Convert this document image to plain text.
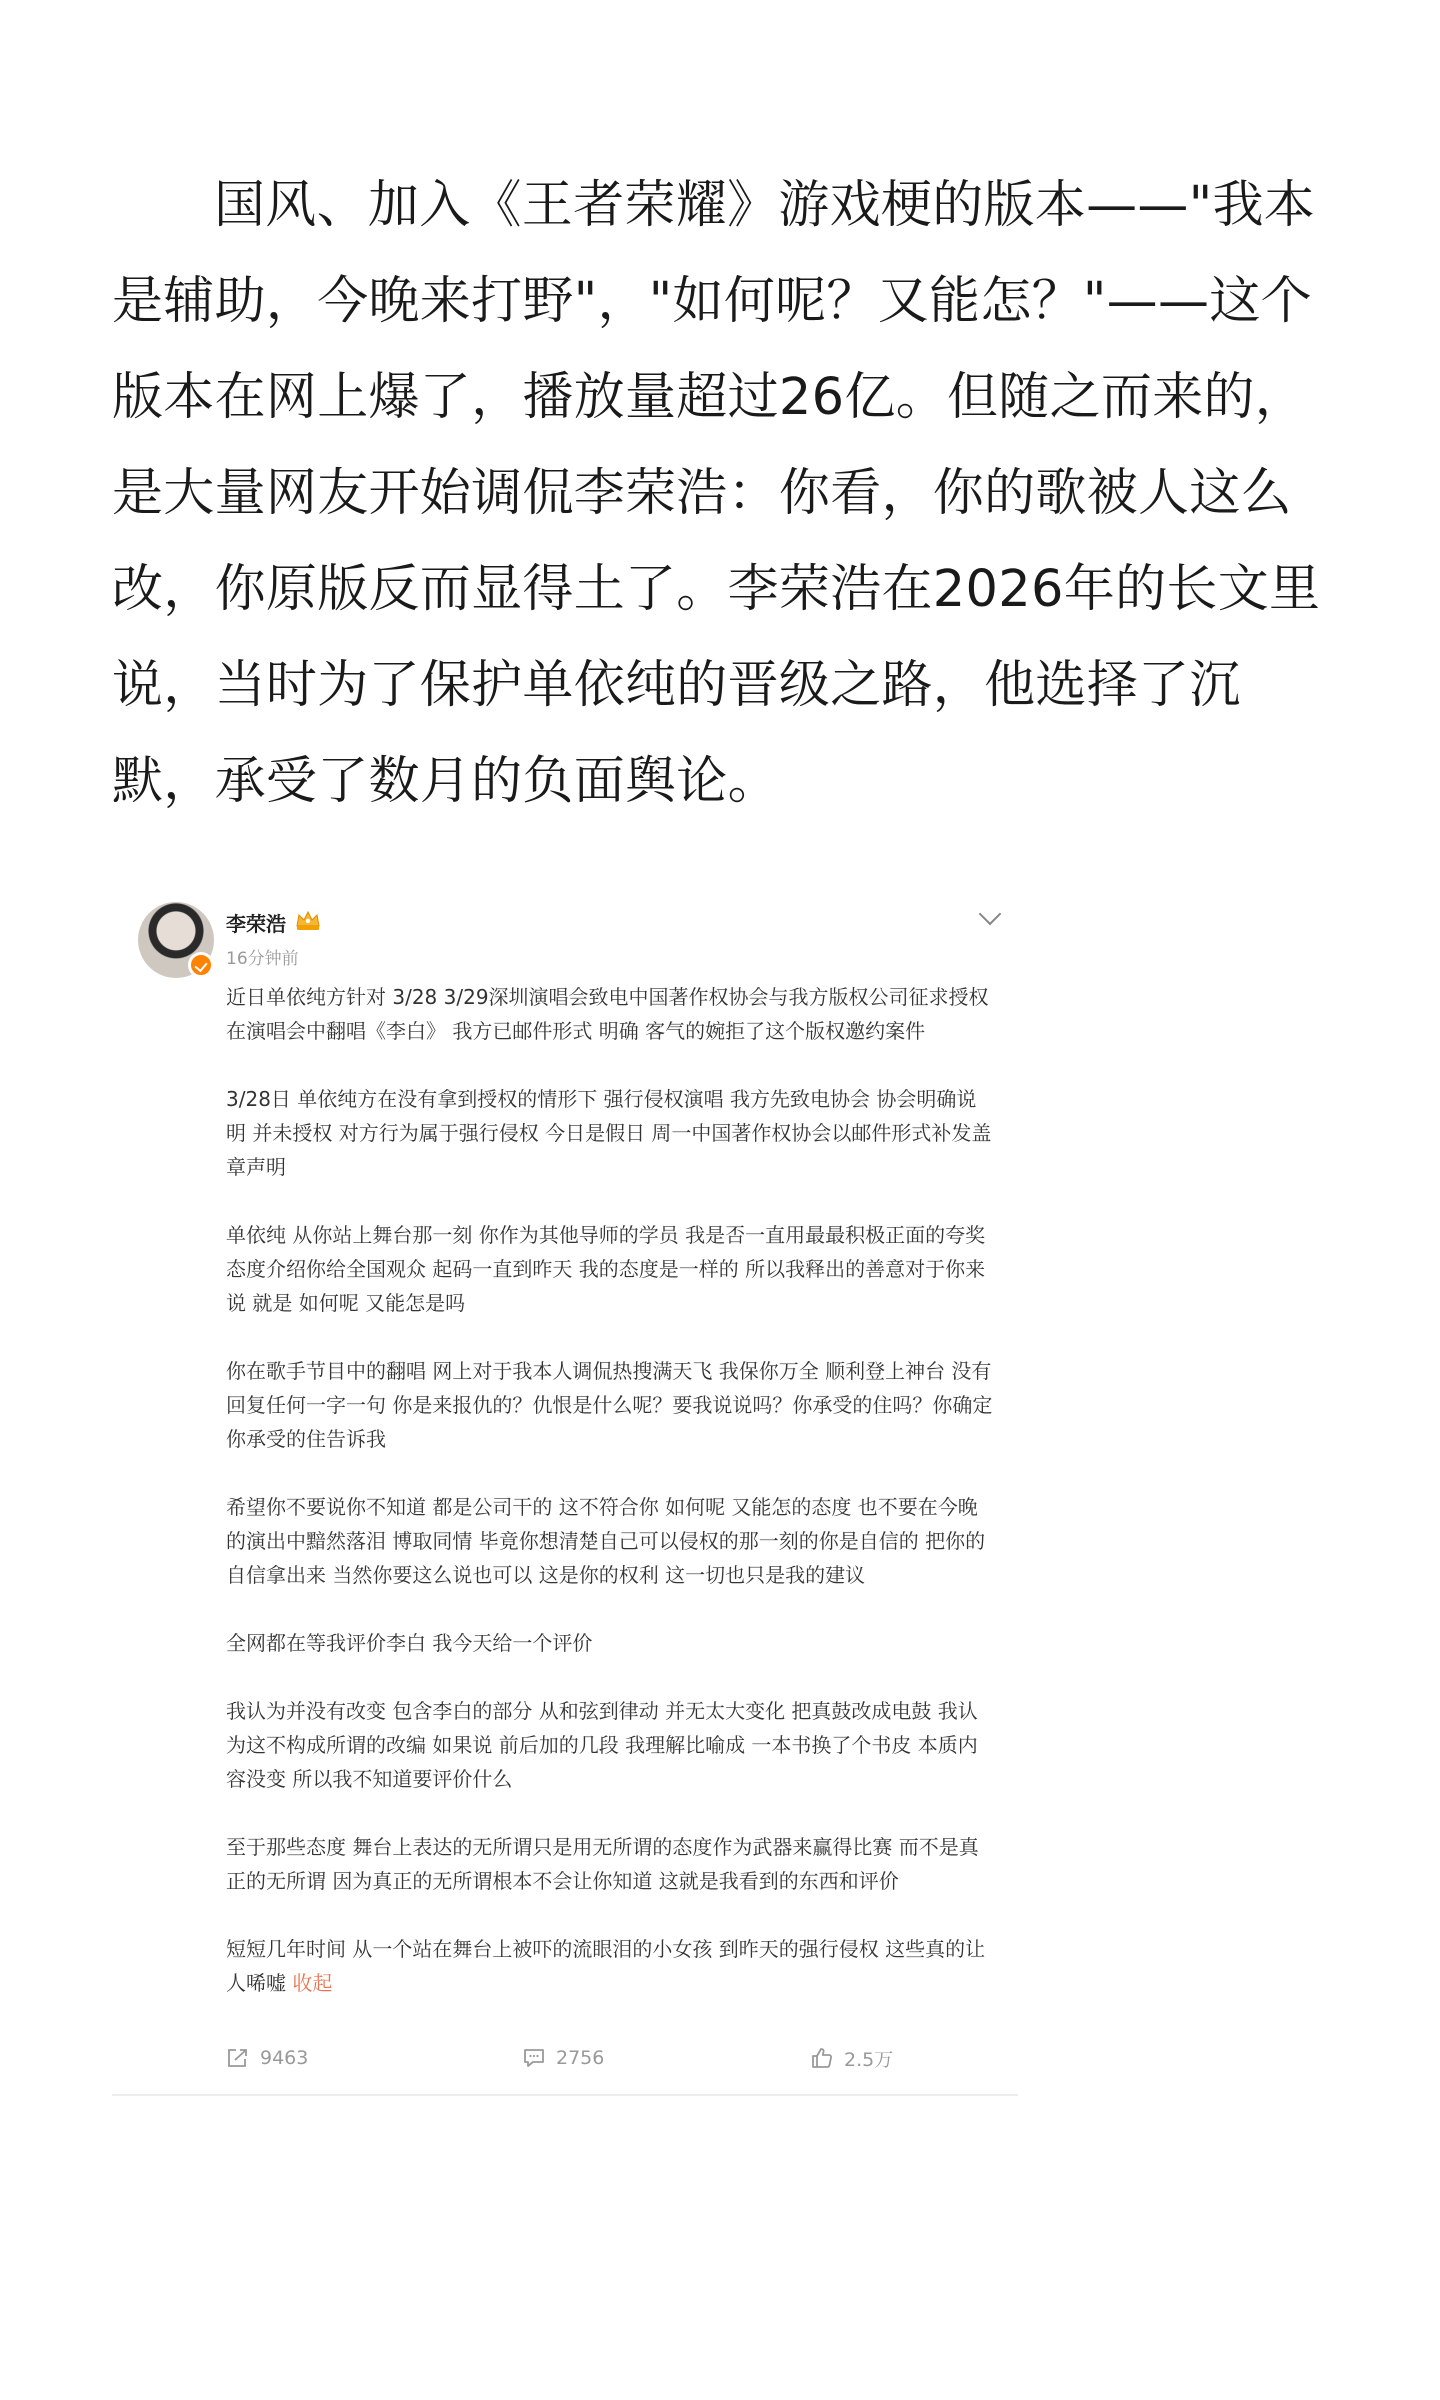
国风、加入《王者荣耀》游戏梗的版本——"我本是辅助，今晚来打野"，"如何呢？又能怎？"——这个版本在网上爆了，播放量超过26亿。但随之而来的，是大量网友开始调侃李荣浩：你看，你的歌被人这么改，你原版反而显得土了。李荣浩在2026年的长文里说，当时为了保护单依纯的晋级之路，他选择了沉默，承受了数月的负面舆论。

李荣浩
16分钟前

近日单依纯方针对 3/28 3/29深圳演唱会致电中国著作权协会与我方版权公司征求授权在演唱会中翻唱《李白》 我方已邮件形式 明确 客气的婉拒了这个版权邀约案件

3/28日 单依纯方在没有拿到授权的情形下 强行侵权演唱 我方先致电协会 协会明确说明 并未授权 对方行为属于强行侵权 今日是假日 周一中国著作权协会以邮件形式补发盖章声明

单依纯 从你站上舞台那一刻 你作为其他导师的学员 我是否一直用最最积极正面的夸奖态度介绍你给全国观众 起码一直到昨天 我的态度是一样的 所以我释出的善意对于你来说 就是 如何呢 又能怎是吗

你在歌手节目中的翻唱 网上对于我本人调侃热搜满天飞 我保你万全 顺利登上神台 没有回复任何一字一句 你是来报仇的？仇恨是什么呢？要我说说吗？你承受的住吗？你确定你承受的住告诉我

希望你不要说你不知道 都是公司干的 这不符合你 如何呢 又能怎的态度 也不要在今晚的演出中黯然落泪 博取同情 毕竟你想清楚自己可以侵权的那一刻的你是自信的 把你的自信拿出来 当然你要这么说也可以 这是你的权利 这一切也只是我的建议

全网都在等我评价李白 我今天给一个评价

我认为并没有改变 包含李白的部分 从和弦到律动 并无太大变化 把真鼓改成电鼓 我认为这不构成所谓的改编 如果说 前后加的几段 我理解比喻成 一本书换了个书皮 本质内容没变 所以我不知道要评价什么

至于那些态度 舞台上表达的无所谓只是用无所谓的态度作为武器来赢得比赛 而不是真正的无所谓 因为真正的无所谓根本不会让你知道 这就是我看到的东西和评价

短短几年时间 从一个站在舞台上被吓的流眼泪的小女孩 到昨天的强行侵权 这些真的让人唏嘘 收起

9463	2756	2.5万
